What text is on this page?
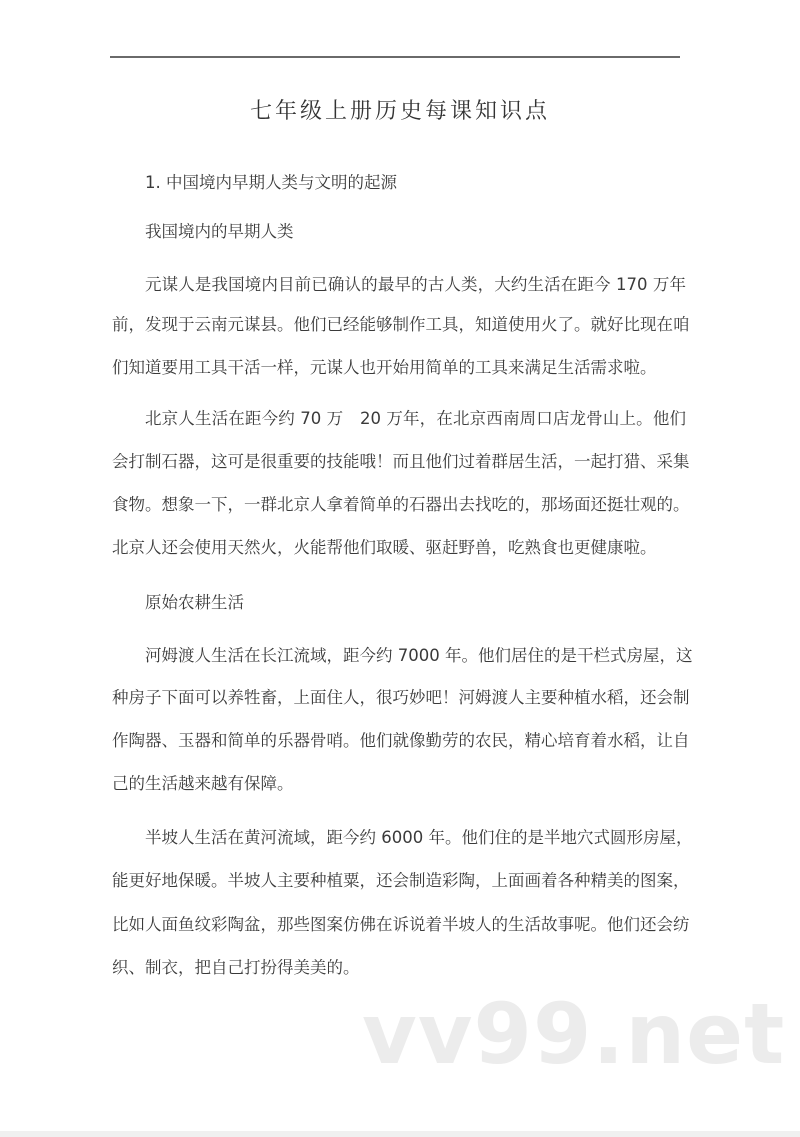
七年级上册历史每课知识点
1. 中国境内早期人类与文明的起源
我国境内的早期人类
元谋人是我国境内目前已确认的最早的古人类，大约生活在距今 170 万年
前，发现于云南元谋县。他们已经能够制作工具，知道使用火了。就好比现在咱
们知道要用工具干活一样，元谋人也开始用简单的工具来满足生活需求啦。
北京人生活在距今约 70 万　20 万年，在北京西南周口店龙骨山上。他们
会打制石器，这可是很重要的技能哦！而且他们过着群居生活，一起打猎、采集
食物。想象一下，一群北京人拿着简单的石器出去找吃的，那场面还挺壮观的。
北京人还会使用天然火，火能帮他们取暖、驱赶野兽，吃熟食也更健康啦。
原始农耕生活
河姆渡人生活在长江流域，距今约 7000 年。他们居住的是干栏式房屋，这
种房子下面可以养牲畜，上面住人，很巧妙吧！河姆渡人主要种植水稻，还会制
作陶器、玉器和简单的乐器骨哨。他们就像勤劳的农民，精心培育着水稻，让自
己的生活越来越有保障。
半坡人生活在黄河流域，距今约 6000 年。他们住的是半地穴式圆形房屋，
能更好地保暖。半坡人主要种植粟，还会制造彩陶，上面画着各种精美的图案，
比如人面鱼纹彩陶盆，那些图案仿佛在诉说着半坡人的生活故事呢。他们还会纺
织、制衣，把自己打扮得美美的。
vv99.net
